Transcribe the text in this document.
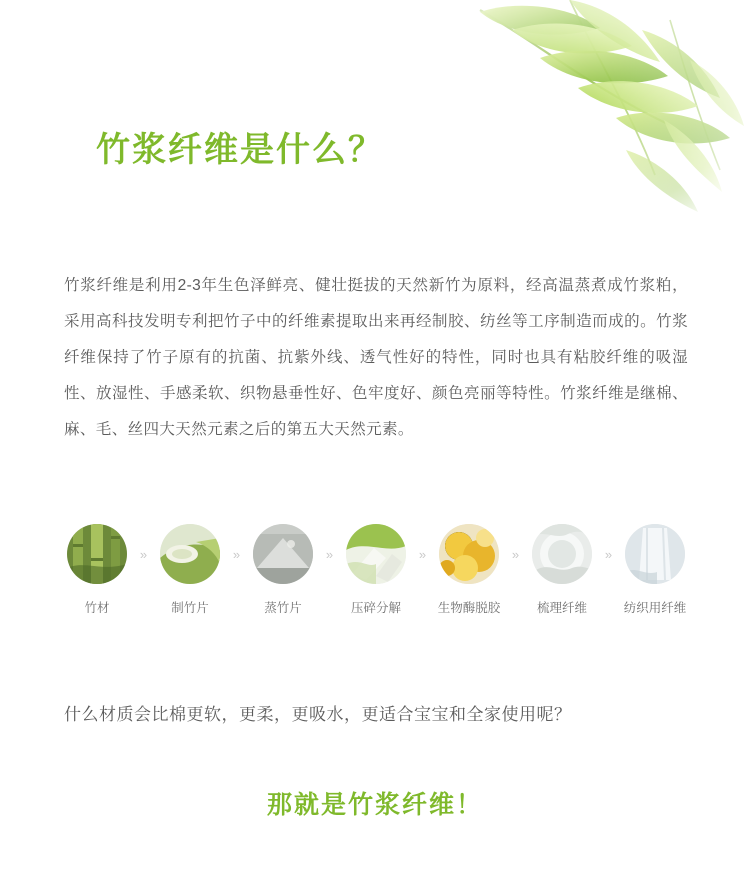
竹浆纤维是什么？
竹浆纤维是利用2-3年生色泽鲜亮、健壮挺拔的天然新竹为原料，经高温蒸煮成竹浆粕，采用高科技发明专利把竹子中的纤维素提取出来再经制胶、纺丝等工序制造而成的。竹浆纤维保持了竹子原有的抗菌、抗紫外线、透气性好的特性，同时也具有粘胶纤维的吸湿性、放湿性、手感柔软、织物悬垂性好、色牢度好、颜色亮丽等特性。竹浆纤维是继棉、麻、毛、丝四大天然元素之后的第五大天然元素。
竹材
»
制竹片
»
蒸竹片
»
压碎分解
»
生物酶脱胶
»
梳理纤维
»
纺织用纤维
什么材质会比棉更软，更柔，更吸水，更适合宝宝和全家使用呢？
那就是竹浆纤维！
